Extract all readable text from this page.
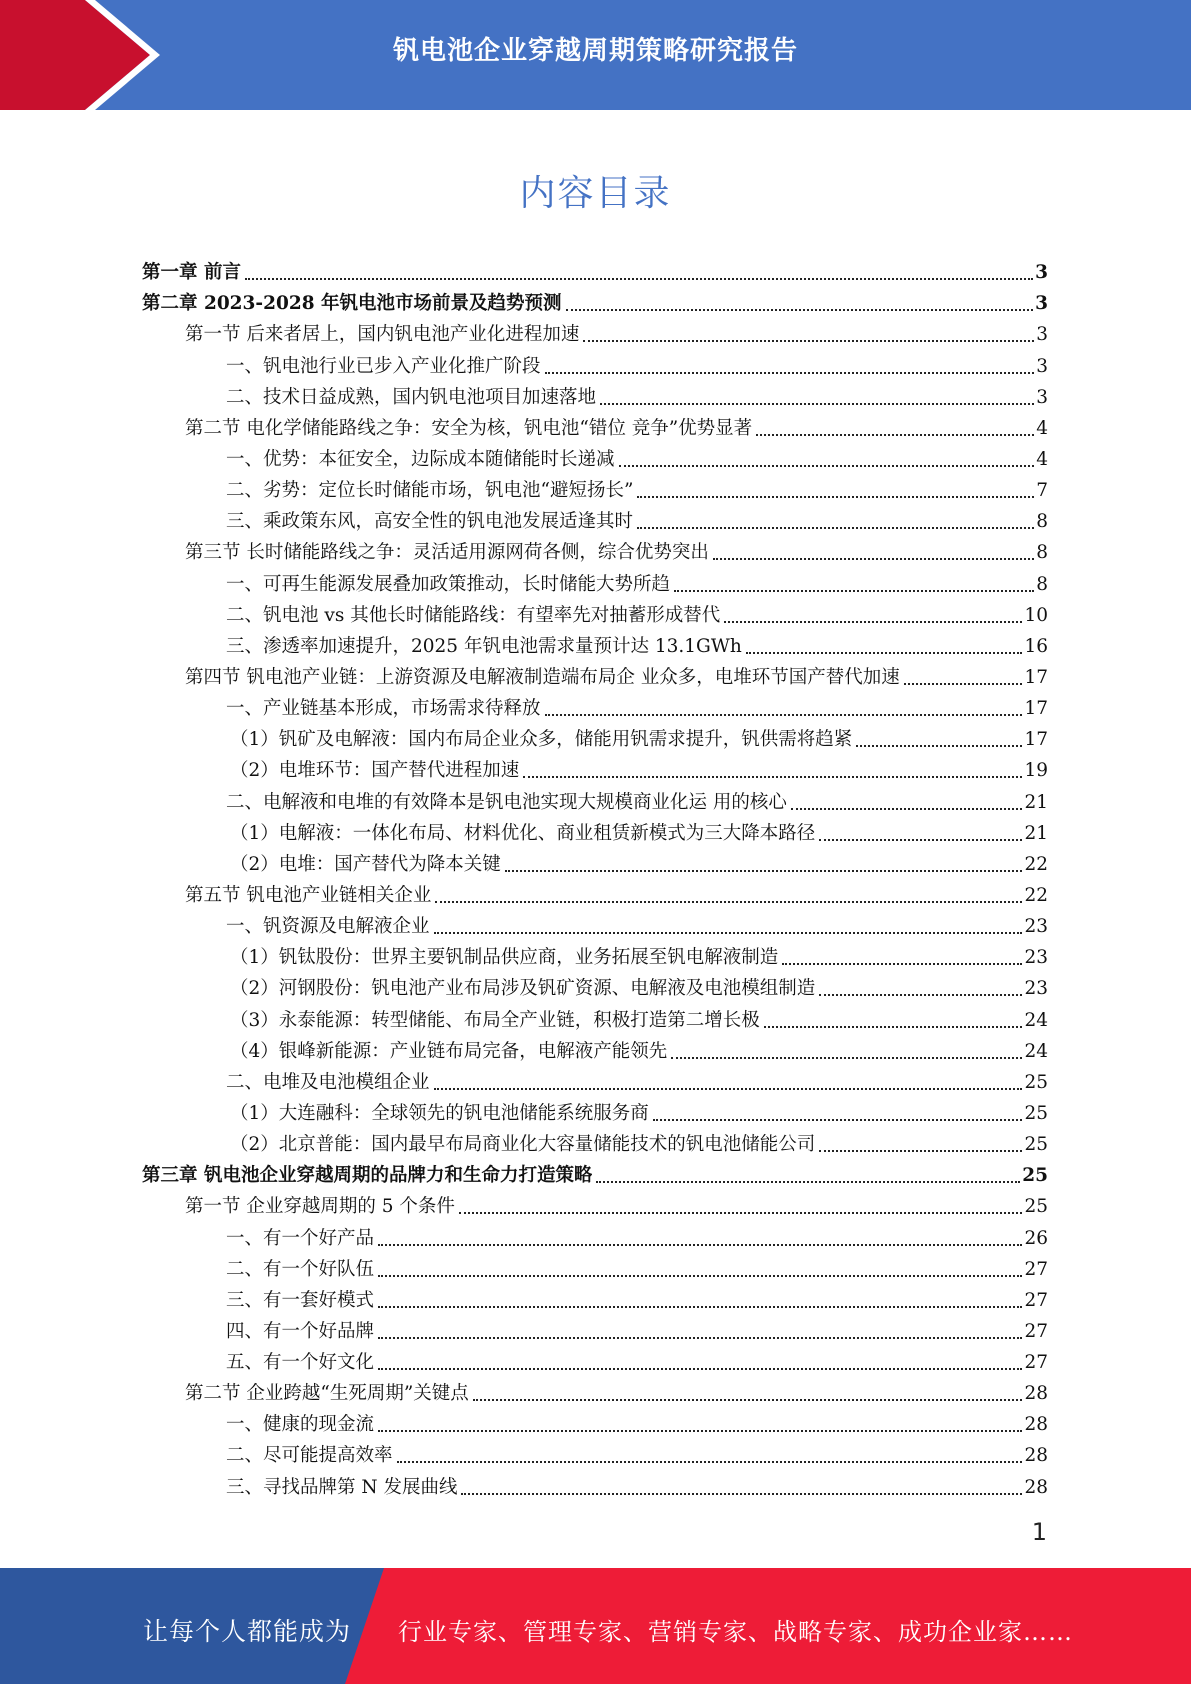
钒电池企业穿越周期策略研究报告
内容目录
第一章 前言	3
第二章 2023-2028 年钒电池市场前景及趋势预测	3
第一节 后来者居上，国内钒电池产业化进程加速	3
一、钒电池行业已步入产业化推广阶段	3
二、技术日益成熟，国内钒电池项目加速落地	3
第二节 电化学储能路线之争：安全为核，钒电池“错位 竞争”优势显著	4
一、优势：本征安全，边际成本随储能时长递减	4
二、劣势：定位长时储能市场，钒电池“避短扬长”	7
三、乘政策东风，高安全性的钒电池发展适逢其时	8
第三节 长时储能路线之争：灵活适用源网荷各侧，综合优势突出	8
一、可再生能源发展叠加政策推动，长时储能大势所趋	8
二、钒电池 vs 其他长时储能路线：有望率先对抽蓄形成替代	10
三、渗透率加速提升，2025 年钒电池需求量预计达 13.1GWh	16
第四节 钒电池产业链：上游资源及电解液制造端布局企 业众多，电堆环节国产替代加速	17
一、产业链基本形成，市场需求待释放	17
（1）钒矿及电解液：国内布局企业众多，储能用钒需求提升，钒供需将趋紧	17
（2）电堆环节：国产替代进程加速	19
二、电解液和电堆的有效降本是钒电池实现大规模商业化运 用的核心	21
（1）电解液：一体化布局、材料优化、商业租赁新模式为三大降本路径	21
（2）电堆：国产替代为降本关键	22
第五节 钒电池产业链相关企业	22
一、钒资源及电解液企业	23
（1）钒钛股份：世界主要钒制品供应商，业务拓展至钒电解液制造	23
（2）河钢股份：钒电池产业布局涉及钒矿资源、电解液及电池模组制造	23
（3）永泰能源：转型储能、布局全产业链，积极打造第二增长极	24
（4）银峰新能源：产业链布局完备，电解液产能领先	24
二、电堆及电池模组企业	25
（1）大连融科：全球领先的钒电池储能系统服务商	25
（2）北京普能：国内最早布局商业化大容量储能技术的钒电池储能公司	25
第三章 钒电池企业穿越周期的品牌力和生命力打造策略	25
第一节 企业穿越周期的 5 个条件	25
一、有一个好产品	26
二、有一个好队伍	27
三、有一套好模式	27
四、有一个好品牌	27
五、有一个好文化	27
第二节 企业跨越“生死周期”关键点	28
一、健康的现金流	28
二、尽可能提高效率	28
三、寻找品牌第 N 发展曲线	28
1
让每个人都能成为 行业专家、管理专家、营销专家、战略专家、成功企业家……
